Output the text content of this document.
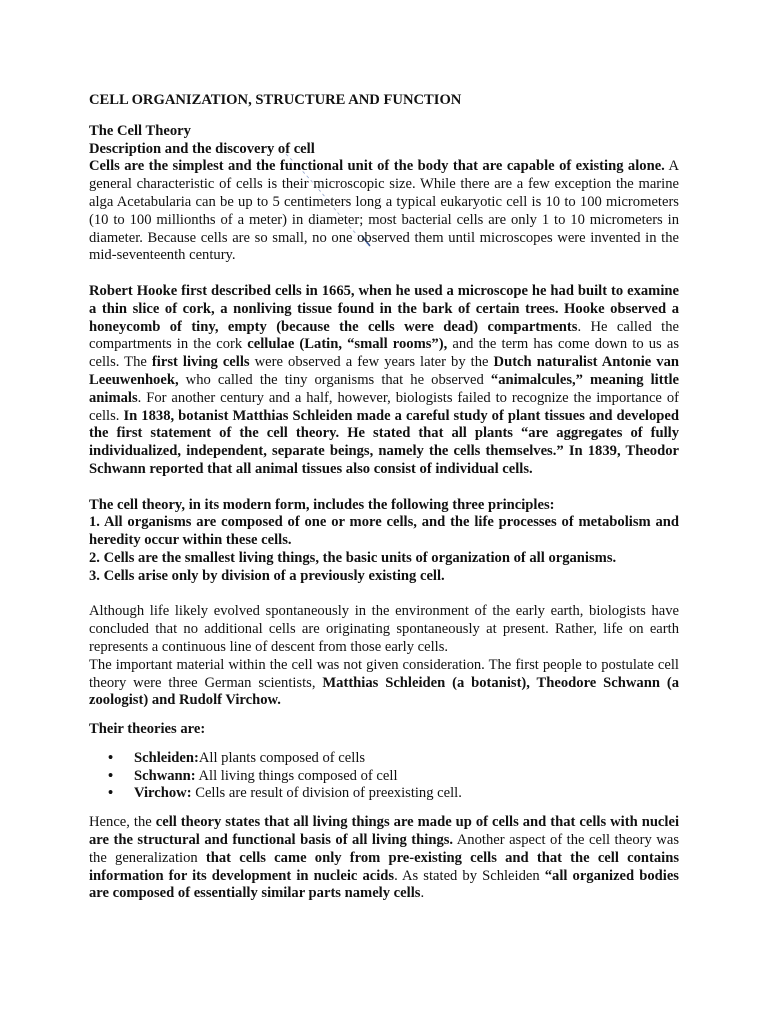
CELL ORGANIZATION, STRUCTURE AND FUNCTION

The Cell Theory

Description and the discovery of cell

Cells are the simplest and the functional unit of the body that are capable of existing alone. A general characteristic of cells is their microscopic size. While there are a few exception the marine alga Acetabularia can be up to 5 centimeters long a typical eukaryotic cell is 10 to 100 micrometers (10 to 100 millionths of a meter) in diameter; most bacterial cells are only 1 to 10 micrometers in diameter. Because cells are so small, no one observed them until microscopes were invented in the mid-seventeenth century.

Robert Hooke first described cells in 1665, when he used a microscope he had built to examine a thin slice of cork, a nonliving tissue found in the bark of certain trees. Hooke observed a honeycomb of tiny, empty (because the cells were dead) compartments. He called the compartments in the cork cellulae (Latin, “small rooms”), and the term has come down to us as cells. The first living cells were observed a few years later by the Dutch naturalist Antonie van Leeuwenhoek, who called the tiny organisms that he observed “animalcules,” meaning little animals. For another century and a half, however, biologists failed to recognize the importance of cells. In 1838, botanist Matthias Schleiden made a careful study of plant tissues and developed the first statement of the cell theory. He stated that all plants “are aggregates of fully individualized, independent, separate beings, namely the cells themselves.” In 1839, Theodor Schwann reported that all animal tissues also consist of individual cells.

The cell theory, in its modern form, includes the following three principles:

1. All organisms are composed of one or more cells, and the life processes of metabolism and heredity occur within these cells.

2. Cells are the smallest living things, the basic units of organization of all organisms.

3. Cells arise only by division of a previously existing cell.

Although life likely evolved spontaneously in the environment of the early earth, biologists have concluded that no additional cells are originating spontaneously at present. Rather, life on earth represents a continuous line of descent from those early cells.

The important material within the cell was not given consideration. The first people to postulate cell theory were three German scientists, Matthias Schleiden (a botanist), Theodore Schwann (a zoologist) and Rudolf Virchow.

Their theories are:

• Schleiden:All plants composed of cells
• Schwann: All living things composed of cell
• Virchow: Cells are result of division of preexisting cell.

Hence, the cell theory states that all living things are made up of cells and that cells with nuclei are the structural and functional basis of all living things. Another aspect of the cell theory was the generalization that cells came only from pre-existing cells and that the cell contains information for its development in nucleic acids. As stated by Schleiden “all organized bodies are composed of essentially similar parts namely cells.
